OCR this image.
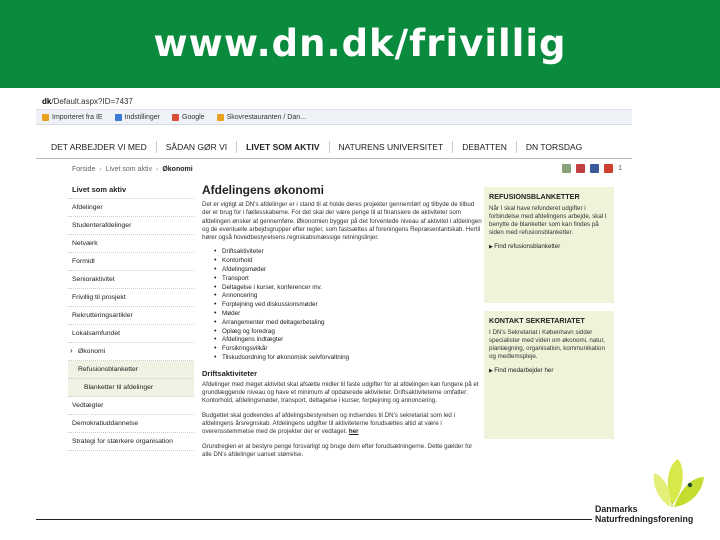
www.dn.dk/frivillig
dk/Default.aspx?ID=7437
Importeret fra IE	Indstillinger	Google	Skovrestauranten / Dan...
DET ARBEJDER VI MED	SÅDAN GØR VI	LIVET SOM AKTIV	NATURENS UNIVERSITET	DEBATTEN	DN TORSDAG
Forside › Livet som aktiv › Økonomi	1
Livet som aktiv
Afdelinger
Studenterafdelinger
Netværk
Formidl
Senioraktivitet
Frivillig til prosjekt
Rekrutteringsartikler
Lokalsamfundet
› Økonomi
Refusionsblanketter
Blanketter til afdelinger
Vedtægter
Demokratiuddannelse
Strategi for stærkere organisation
Afdelingens økonomi

Det er vigtigt at DN's afdelinger er i stand til at holde deres projekter gennemført og tilbyde de tilbud der er brug for i fællesskaberne. For det skal der være penge til at finansiere de aktiviteter som afdelingen ønsker at gennemføre. Økonomien bygger på det forventede niveau af aktivitet i afdelingen og de eventuelle arbejdsgrupper efter regler, som fastsættes af foreningens Repræsentantskab. Hertil hører også hovedbestyrelsens regnskabsmæssige retningslinjer.

• Driftsaktiviteter
• Kontorhold
• Afdelingsmøder
• Transport
• Deltagelse i kurser, konferencer mv.
• Annoncering
• Forplejning ved diskussionsmøder
• Møder
• Arrangementer med deltagerbetaling
• Oplæg og foredrag
• Afdelingens indtægter
• Forsikringsvilkår
• Tilskudsordning for økonomisk selvforvaltning
Driftsaktiviteter

Afdelinger med meget aktivitet skal afsætte midler til faste udgifter for at afdelingen kan fungere på et grundlæggende niveau og have et minimum af opdaterede aktiviteter. Driftsaktiviteterne omfatter: Kontorhold, afdelingsmøder, transport, deltagelse i kurser, forplejning og annoncering.

Budgettet skal godkendes af afdelingsbestyrelsen og indsendes til DN's sekretariat som led i afdelingens årsregnskab. Afdelingens udgifter til aktiviteterne forudsættes altid at være i overensstemmelse med de projekter der er vedtaget. her

Grundreglen er at bestyre penge forsvarligt og bruge dem efter forudsætningerne. Dette gælder for alle DN's afdelinger uanset størrelse.

REFUSIONSBLANKETTER
Når I skal have refunderet udgifter i forbindelse med afdelingens arbejde, skal I benytte de blanketter som kan findes på siden med refusionsblanketter.
▶ Find refusionsblanketter
KONTAKT SEKRETARIATET
I DN's Sekretariat i København sidder specialister med viden om økonomi, natur, planlægning, organisation, kommunikation og medlemspleje.
▶ Find medarbejder her
Danmarks
Naturfredningsforening
